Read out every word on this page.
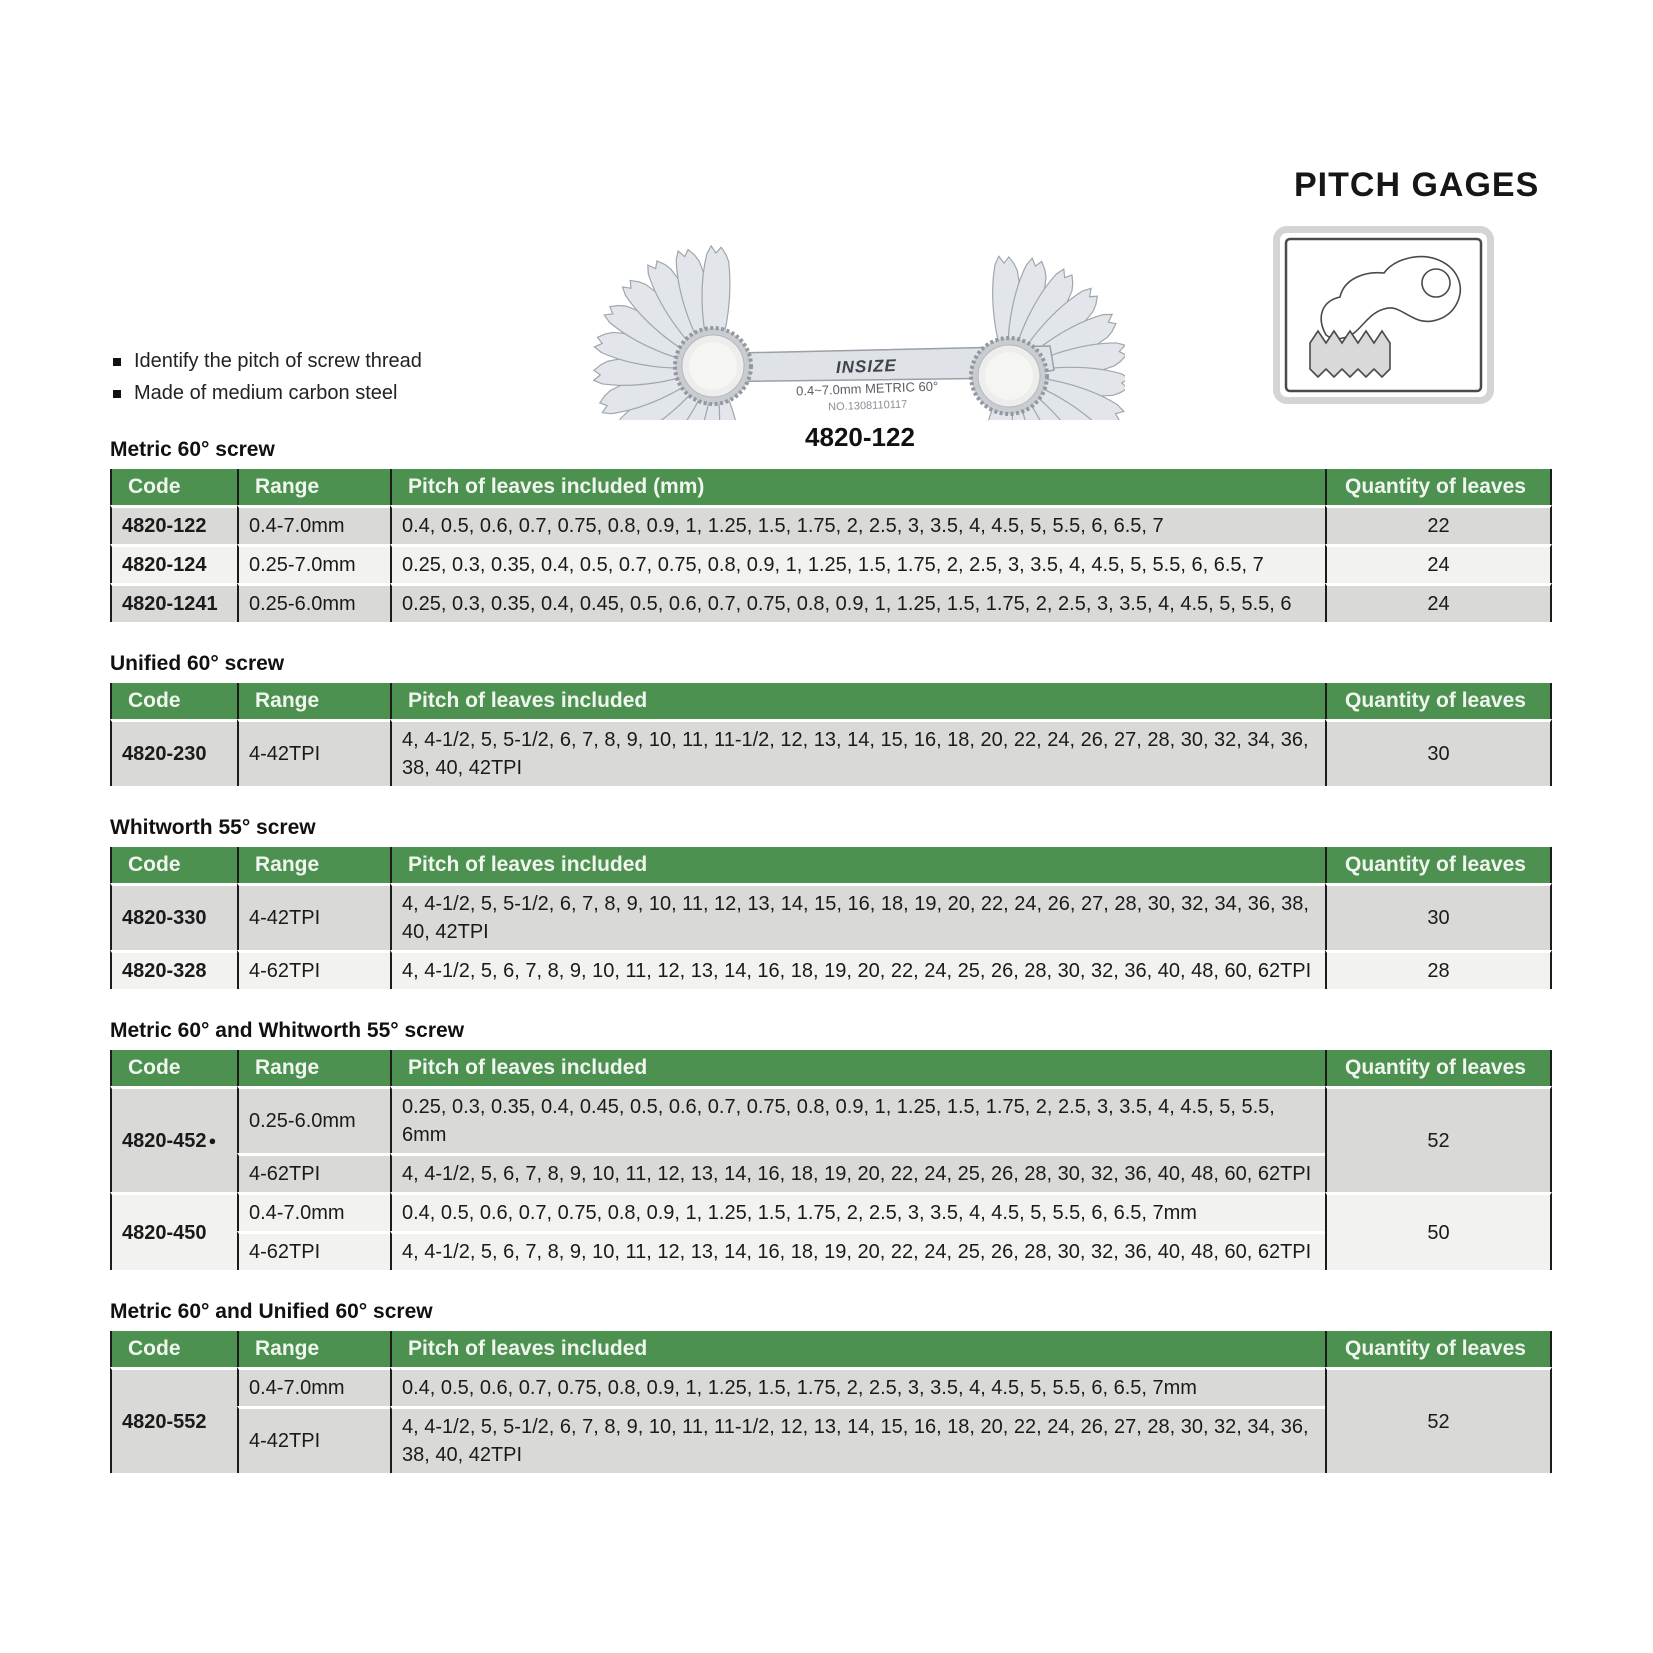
INSIZE
0.4~7.0mm METRIC 60°
NO.1308110117
4820-122
PITCH GAGES
Identify the pitch of screw thread
Made of medium carbon steel
Metric 60° screw
Code	Range	Pitch of leaves included (mm)	Quantity of leaves
4820-122	0.4-7.0mm	0.4, 0.5, 0.6, 0.7, 0.75, 0.8, 0.9, 1, 1.25, 1.5, 1.75, 2, 2.5, 3, 3.5, 4, 4.5, 5, 5.5, 6, 6.5, 7	22
4820-124	0.25-7.0mm	0.25, 0.3, 0.35, 0.4, 0.5, 0.7, 0.75, 0.8, 0.9, 1, 1.25, 1.5, 1.75, 2, 2.5, 3, 3.5, 4, 4.5, 5, 5.5, 6, 6.5, 7	24
4820-1241	0.25-6.0mm	0.25, 0.3, 0.35, 0.4, 0.45, 0.5, 0.6, 0.7, 0.75, 0.8, 0.9, 1, 1.25, 1.5, 1.75, 2, 2.5, 3, 3.5, 4, 4.5, 5, 5.5, 6	24
Unified 60° screw
Code	Range	Pitch of leaves included	Quantity of leaves
4820-230	4-42TPI	4, 4-1/2, 5, 5-1/2, 6, 7, 8, 9, 10, 11, 11-1/2, 12, 13, 14, 15, 16, 18, 20, 22, 24, 26, 27, 28, 30, 32, 34, 36, 38, 40, 42TPI	30
Whitworth 55° screw
Code	Range	Pitch of leaves included	Quantity of leaves
4820-330	4-42TPI	4, 4-1/2, 5, 5-1/2, 6, 7, 8, 9, 10, 11, 12, 13, 14, 15, 16, 18, 19, 20, 22, 24, 26, 27, 28, 30, 32, 34, 36, 38, 40, 42TPI	30
4820-328	4-62TPI	4, 4-1/2, 5, 6, 7, 8, 9, 10, 11, 12, 13, 14, 16, 18, 19, 20, 22, 24, 25, 26, 28, 30, 32, 36, 40, 48, 60, 62TPI	28
Metric 60° and Whitworth 55° screw
Code	Range	Pitch of leaves included	Quantity of leaves
4820-452 ●	0.25-6.0mm	0.25, 0.3, 0.35, 0.4, 0.45, 0.5, 0.6, 0.7, 0.75, 0.8, 0.9, 1, 1.25, 1.5, 1.75, 2, 2.5, 3, 3.5, 4, 4.5, 5, 5.5, 6mm	52
	4-62TPI	4, 4-1/2, 5, 6, 7, 8, 9, 10, 11, 12, 13, 14, 16, 18, 19, 20, 22, 24, 25, 26, 28, 30, 32, 36, 40, 48, 60, 62TPI	
4820-450	0.4-7.0mm	0.4, 0.5, 0.6, 0.7, 0.75, 0.8, 0.9, 1, 1.25, 1.5, 1.75, 2, 2.5, 3, 3.5, 4, 4.5, 5, 5.5, 6, 6.5, 7mm	50
	4-62TPI	4, 4-1/2, 5, 6, 7, 8, 9, 10, 11, 12, 13, 14, 16, 18, 19, 20, 22, 24, 25, 26, 28, 30, 32, 36, 40, 48, 60, 62TPI	
Metric 60° and Unified 60° screw
Code	Range	Pitch of leaves included	Quantity of leaves
4820-552	0.4-7.0mm	0.4, 0.5, 0.6, 0.7, 0.75, 0.8, 0.9, 1, 1.25, 1.5, 1.75, 2, 2.5, 3, 3.5, 4, 4.5, 5, 5.5, 6, 6.5, 7mm	52
	4-42TPI	4, 4-1/2, 5, 5-1/2, 6, 7, 8, 9, 10, 11, 11-1/2, 12, 13, 14, 15, 16, 18, 20, 22, 24, 26, 27, 28, 30, 32, 34, 36, 38, 40, 42TPI	
